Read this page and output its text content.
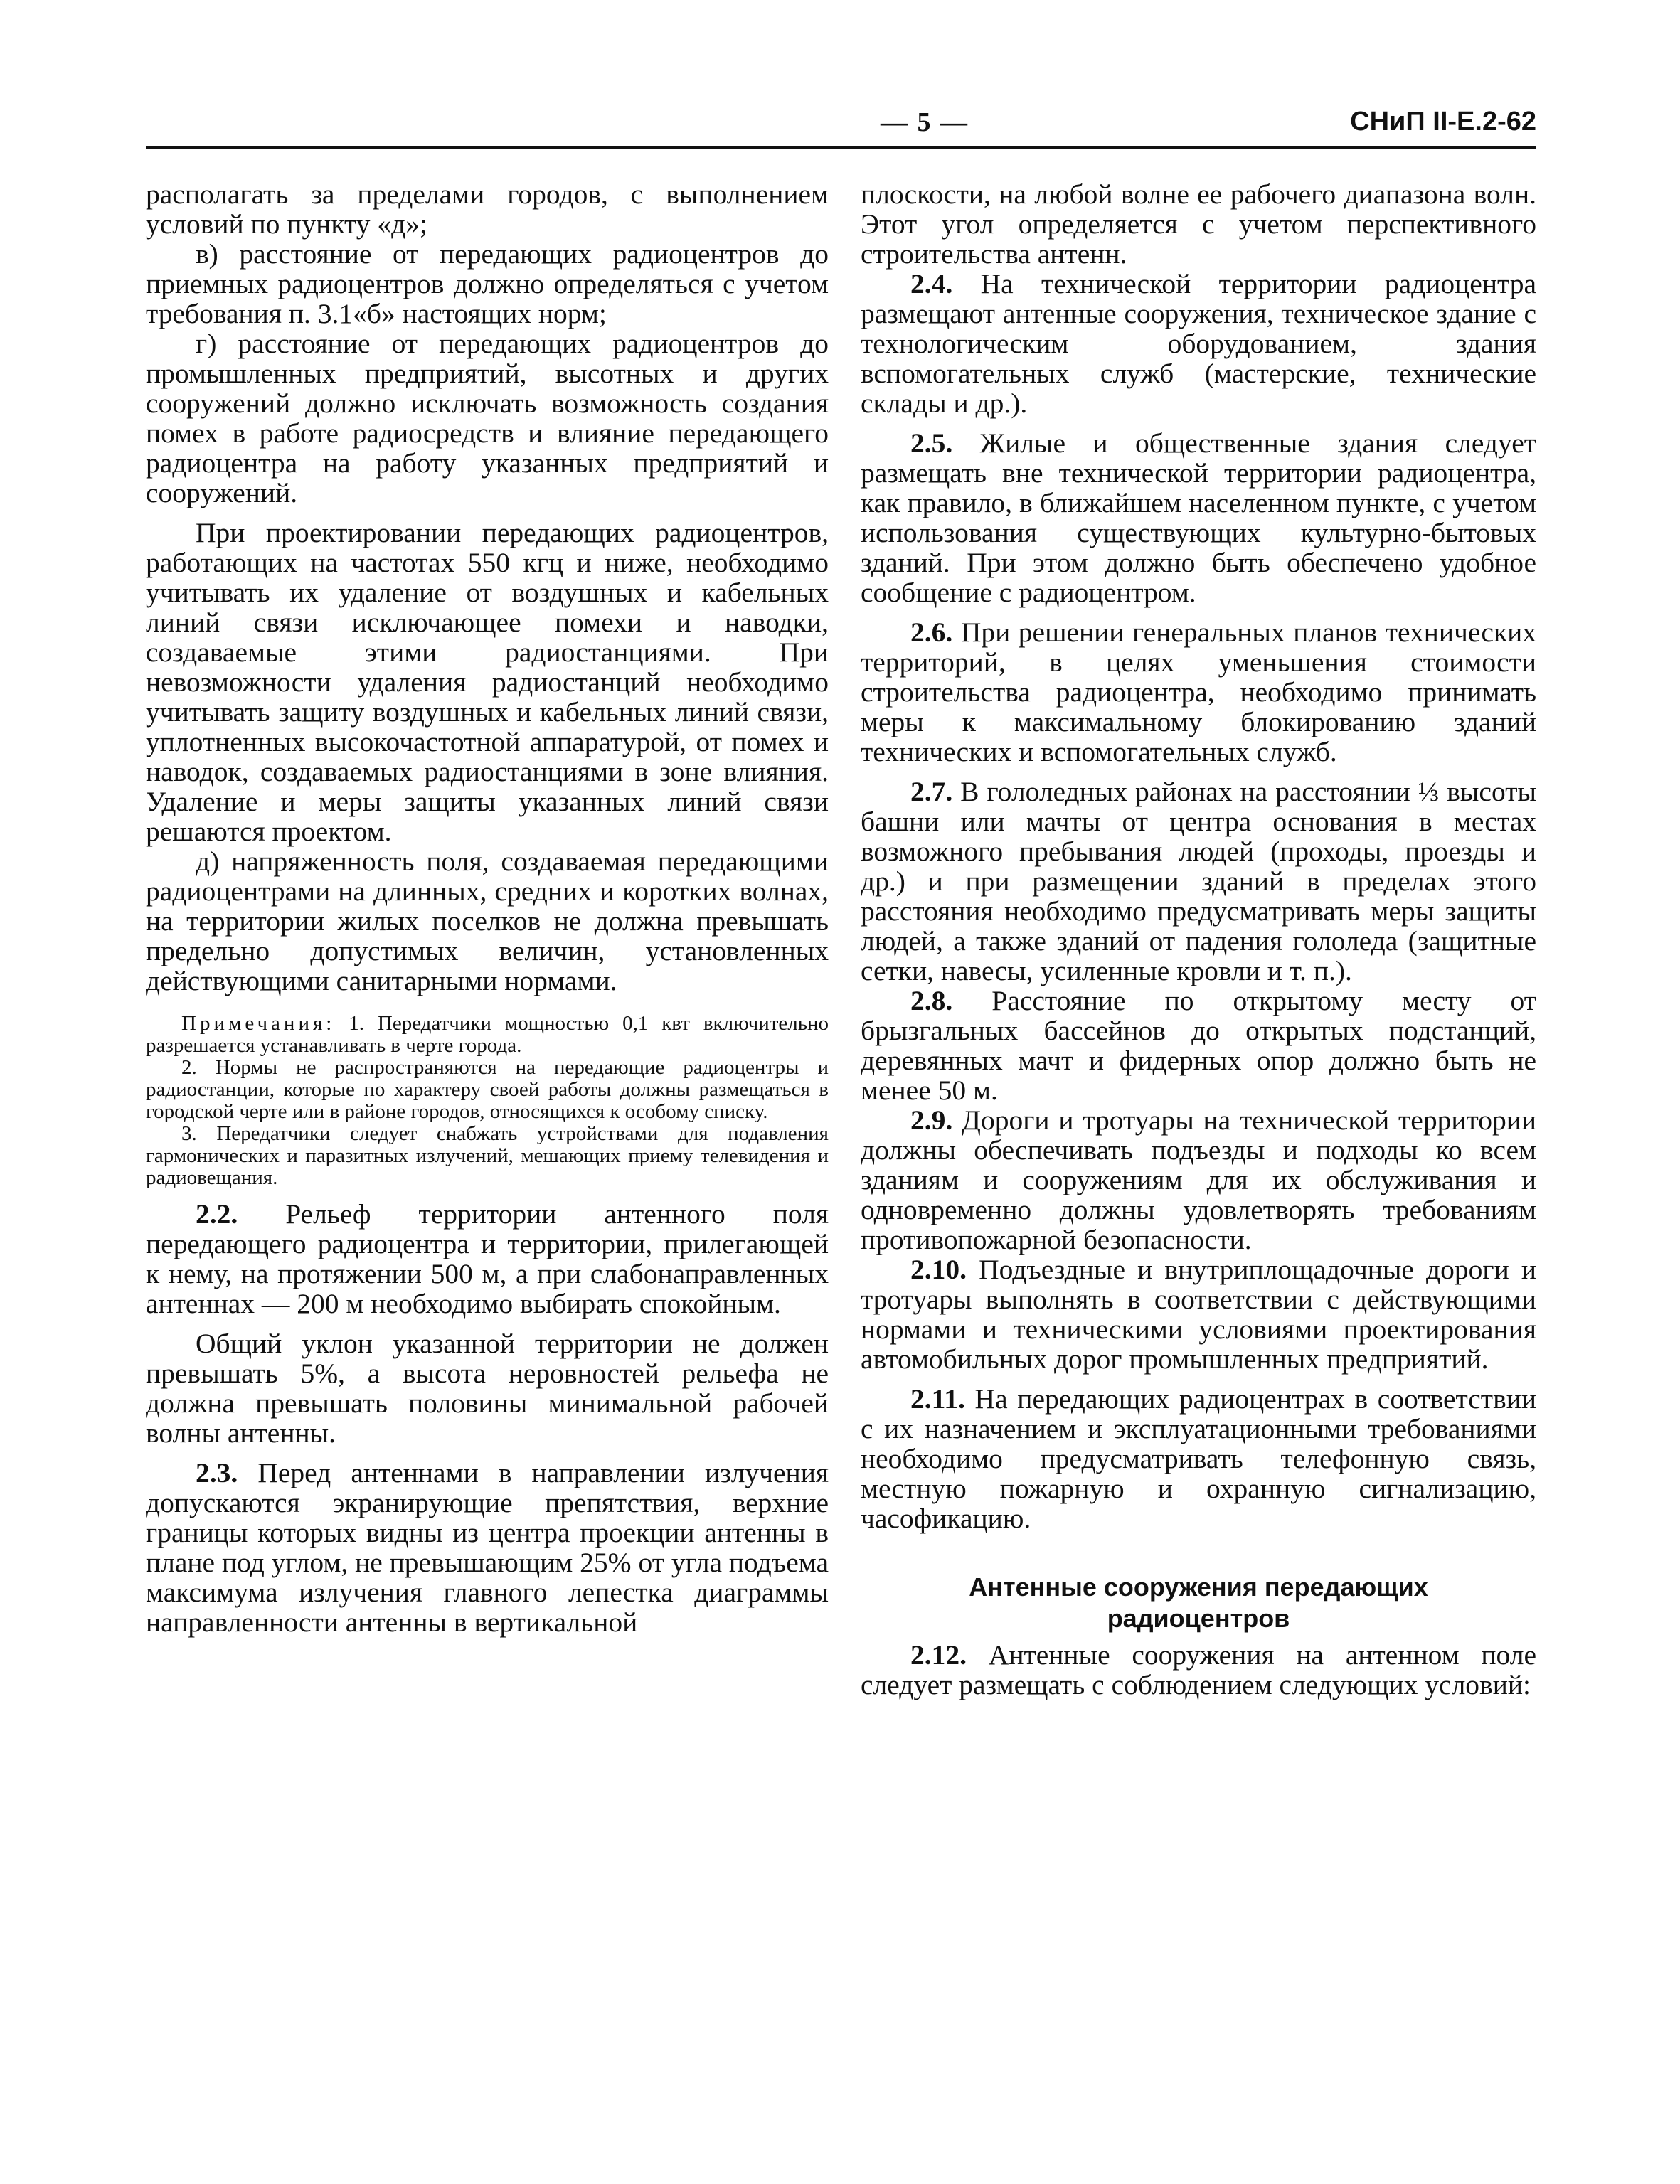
— 5 —	СНиП II-Е.2-62

располагать за пределами городов, с выполнением условий по пункту «д»;

в) расстояние от передающих радиоцентров до приемных радиоцентров должно определяться с учетом требования п. 3.1«б» настоящих норм;

г) расстояние от передающих радиоцентров до промышленных предприятий, высотных и других сооружений должно исключать возможность создания помех в работе радиосредств и влияние передающего радиоцентра на работу указанных предприятий и сооружений.

При проектировании передающих радиоцентров, работающих на частотах 550 кгц и ниже, необходимо учитывать их удаление от воздушных и кабельных линий связи исключающее помехи и наводки, создаваемые этими радиостанциями. При невозможности удаления радиостанций необходимо учитывать защиту воздушных и кабельных линий связи, уплотненных высокочастотной аппаратурой, от помех и наводок, создаваемых радиостанциями в зоне влияния. Удаление и меры защиты указанных линий связи решаются проектом.

д) напряженность поля, создаваемая передающими радиоцентрами на длинных, средних и коротких волнах, на территории жилых поселков не должна превышать предельно допустимых величин, установленных действующими санитарными нормами.

Примечания: 1. Передатчики мощностью 0,1 квт включительно разрешается устанавливать в черте города.

2. Нормы не распространяются на передающие радиоцентры и радиостанции, которые по характеру своей работы должны размещаться в городской черте или в районе городов, относящихся к особому списку.

3. Передатчики следует снабжать устройствами для подавления гармонических и паразитных излучений, мешающих приему телевидения и радиовещания.

2.2. Рельеф территории антенного поля передающего радиоцентра и территории, прилегающей к нему, на протяжении 500 м, а при слабонаправленных антеннах — 200 м необходимо выбирать спокойным.

Общий уклон указанной территории не должен превышать 5%, а высота неровностей рельефа не должна превышать половины минимальной рабочей волны антенны.

2.3. Перед антеннами в направлении излучения допускаются экранирующие препятствия, верхние границы которых видны из центра проекции антенны в плане под углом, не превышающим 25% от угла подъема максимума излучения главного лепестка диаграммы направленности антенны в вертикальной

плоскости, на любой волне ее рабочего диапазона волн. Этот угол определяется с учетом перспективного строительства антенн.

2.4. На технической территории радиоцентра размещают антенные сооружения, техническое здание с технологическим оборудованием, здания вспомогательных служб (мастерские, технические склады и др.).

2.5. Жилые и общественные здания следует размещать вне технической территории радиоцентра, как правило, в ближайшем населенном пункте, с учетом использования существующих культурно-бытовых зданий. При этом должно быть обеспечено удобное сообщение с радиоцентром.

2.6. При решении генеральных планов технических территорий, в целях уменьшения стоимости строительства радиоцентра, необходимо принимать меры к максимальному блокированию зданий технических и вспомогательных служб.

2.7. В гололедных районах на расстоянии ⅓ высоты башни или мачты от центра основания в местах возможного пребывания людей (проходы, проезды и др.) и при размещении зданий в пределах этого расстояния необходимо предусматривать меры защиты людей, а также зданий от падения гололеда (защитные сетки, навесы, усиленные кровли и т. п.).

2.8. Расстояние по открытому месту от брызгальных бассейнов до открытых подстанций, деревянных мачт и фидерных опор должно быть не менее 50 м.

2.9. Дороги и тротуары на технической территории должны обеспечивать подъезды и подходы ко всем зданиям и сооружениям для их обслуживания и одновременно должны удовлетворять требованиям противопожарной безопасности.

2.10. Подъездные и внутриплощадочные дороги и тротуары выполнять в соответствии с действующими нормами и техническими условиями проектирования автомобильных дорог промышленных предприятий.

2.11. На передающих радиоцентрах в соответствии с их назначением и эксплуатационными требованиями необходимо предусматривать телефонную связь, местную пожарную и охранную сигнализацию, часофикацию.

Антенные сооружения передающих радиоцентров

2.12. Антенные сооружения на антенном поле следует размещать с соблюдением следующих условий:
